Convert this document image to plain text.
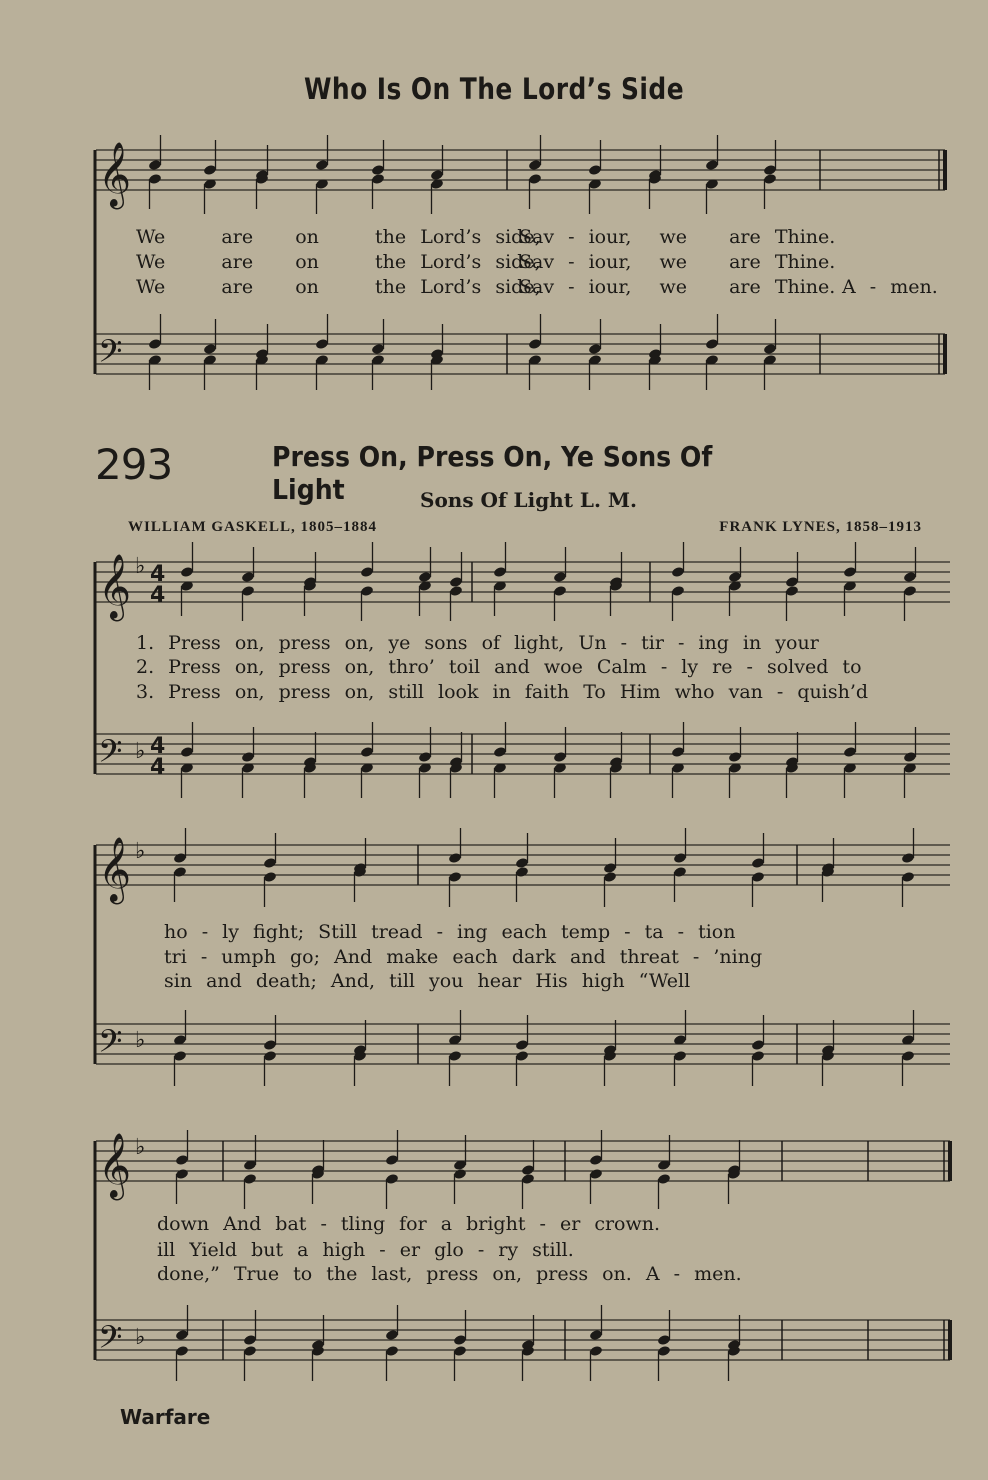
Who Is On The Lord’s Side
𝄞
𝄢
𝄞
𝄢
𝄞
𝄢
𝄞
𝄢
♭
♭
♭
♭
♭
♭
4
4
4
4
We	are on	the Lord’s side,
Sav - iour, we are Thine.
We	are on	the Lord’s side,
Sav - iour, we are Thine.
We	are on	the Lord’s side,
Sav - iour, we are Thine. A - men.
293	Press On, Press On, Ye Sons Of Light	Sons Of Light L. M.
WILLIAM GASKELL, 1805–1884	FRANK LYNES, 1858–1913
1. Press on, press on, ye sons of light, Un - tir - ing in your
2. Press on, press on, thro’ toil and woe Calm - ly re - solved to
3. Press on, press on, still look in faith To Him who van - quish’d
ho - ly fight; Still tread - ing each temp - ta - tion
tri - umph go; And make each dark and threat - ’ning
sin and death; And, till you hear His high “Well
down And bat - tling for a bright - er crown.
ill Yield but a high - er glo - ry still.
done,” True to the last, press on, press on. A - men.
Warfare
